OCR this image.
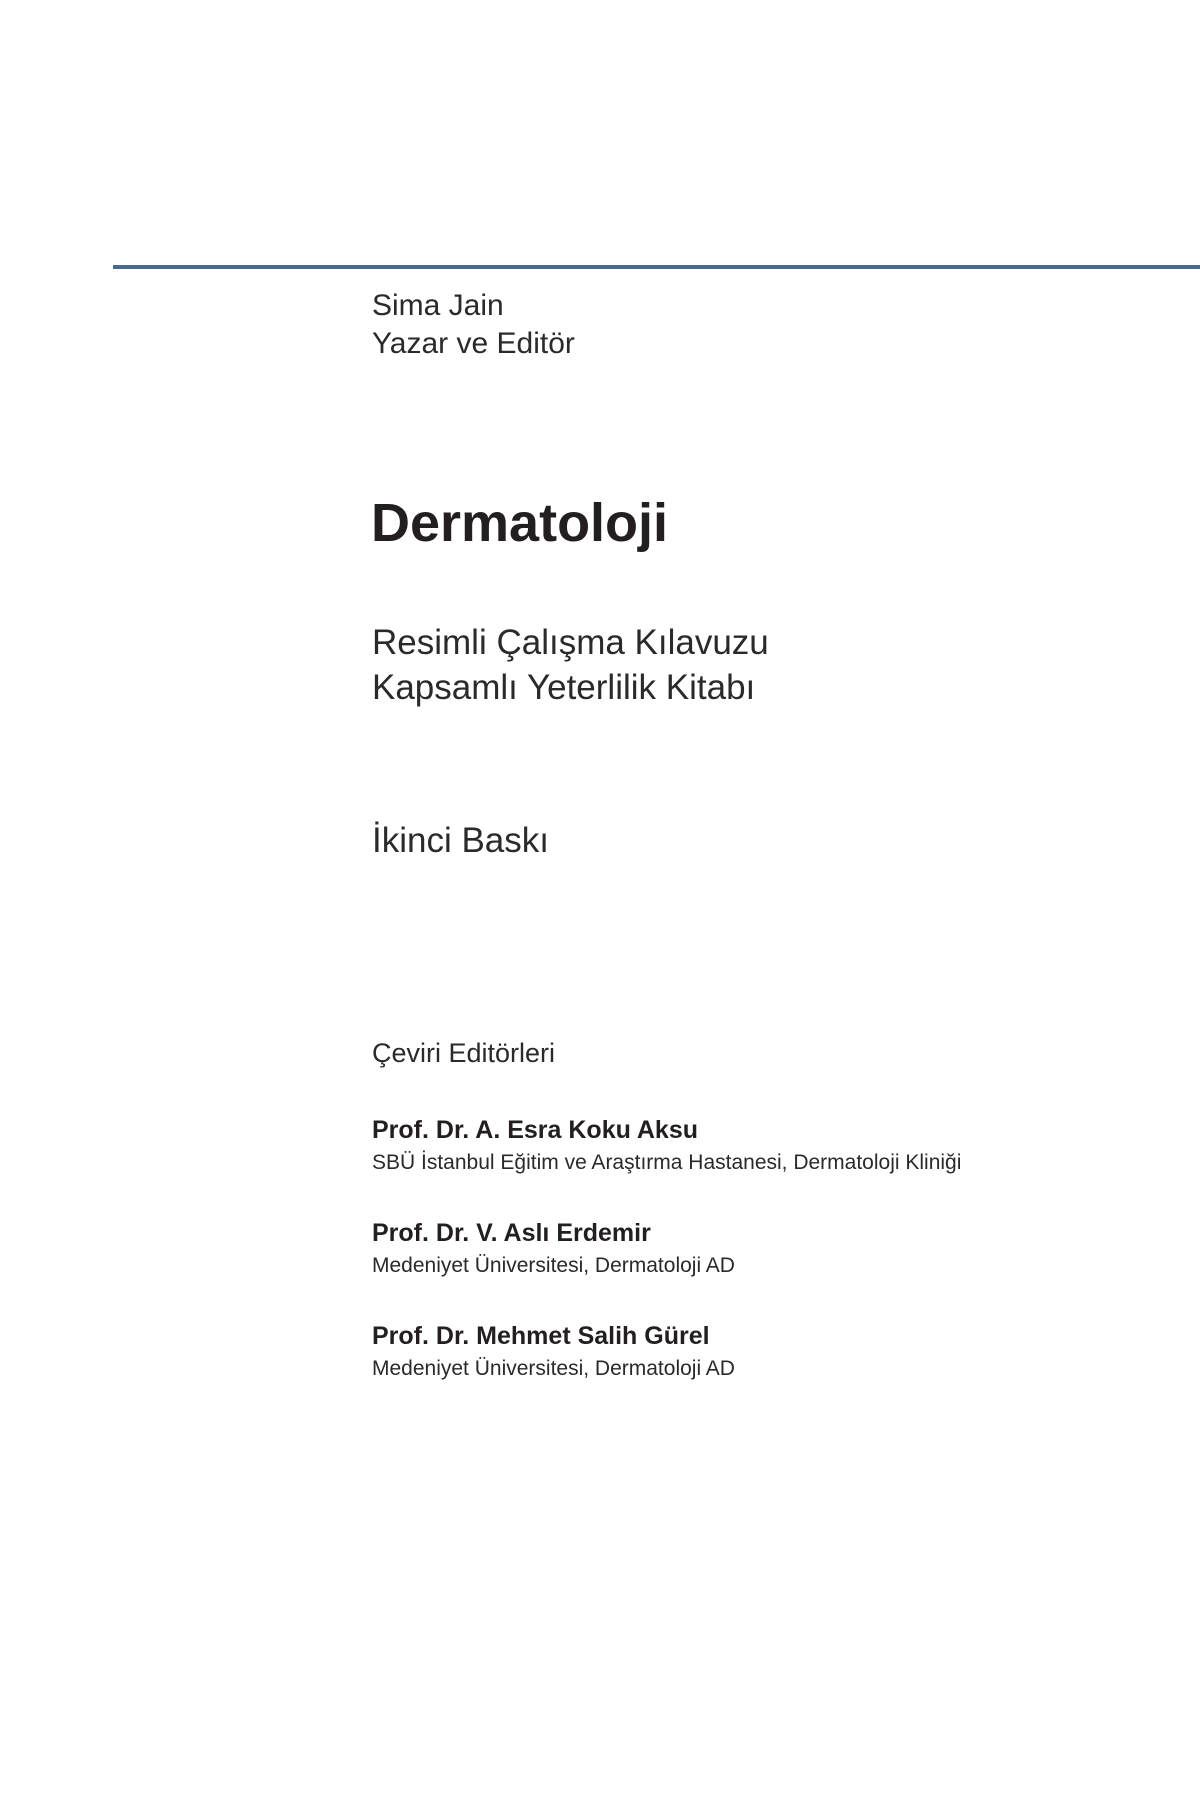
Sima Jain
Yazar ve Editör
Dermatoloji
Resimli Çalışma Kılavuzu
Kapsamlı Yeterlilik Kitabı
İkinci Baskı
Çeviri Editörleri
Prof. Dr. A. Esra Koku Aksu
SBÜ İstanbul Eğitim ve Araştırma Hastanesi, Dermatoloji Kliniği
Prof. Dr. V. Aslı Erdemir
Medeniyet Üniversitesi, Dermatoloji AD
Prof. Dr. Mehmet Salih Gürel
Medeniyet Üniversitesi, Dermatoloji AD
